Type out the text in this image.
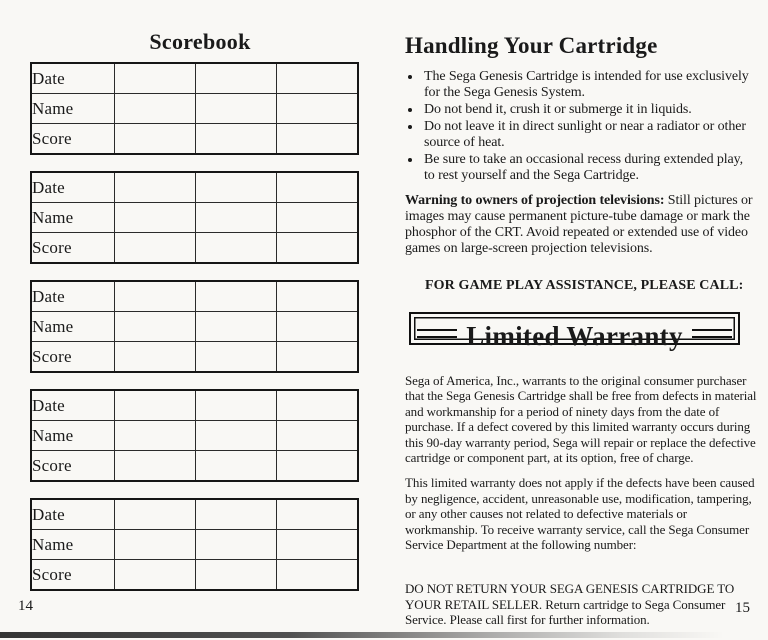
Scorebook
Date			
Name			
Score			
Date			
Name			
Score			
Date			
Name			
Score			
Date			
Name			
Score			
Date			
Name			
Score			
14
Handling Your Cartridge
• The Sega Genesis Cartridge is intended for use exclusively for the Sega Genesis System.
• Do not bend it, crush it or submerge it in liquids.
• Do not leave it in direct sunlight or near a radiator or other source of heat.
• Be sure to take an occasional recess during extended play, to rest yourself and the Sega Cartridge.

Warning to owners of projection televisions: Still pictures or images may cause permanent picture-tube damage or mark the phosphor of the CRT. Avoid repeated or extended use of video games on large-screen projection televisions.

FOR GAME PLAY ASSISTANCE, PLEASE CALL:

Limited Warranty

Sega of America, Inc., warrants to the original consumer purchaser that the Sega Genesis Cartridge shall be free from defects in material and workmanship for a period of ninety days from the date of purchase. If a defect covered by this limited warranty occurs during this 90-day warranty period, Sega will repair or replace the defective cartridge or component part, at its option, free of charge.

This limited warranty does not apply if the defects have been caused by negligence, accident, unreasonable use, modification, tampering, or any other causes not related to defective materials or workmanship. To receive warranty service, call the Sega Consumer Service Department at the following number:

DO NOT RETURN YOUR SEGA GENESIS CARTRIDGE TO YOUR RETAIL SELLER. Return cartridge to Sega Consumer Service. Please call first for further information.

15
